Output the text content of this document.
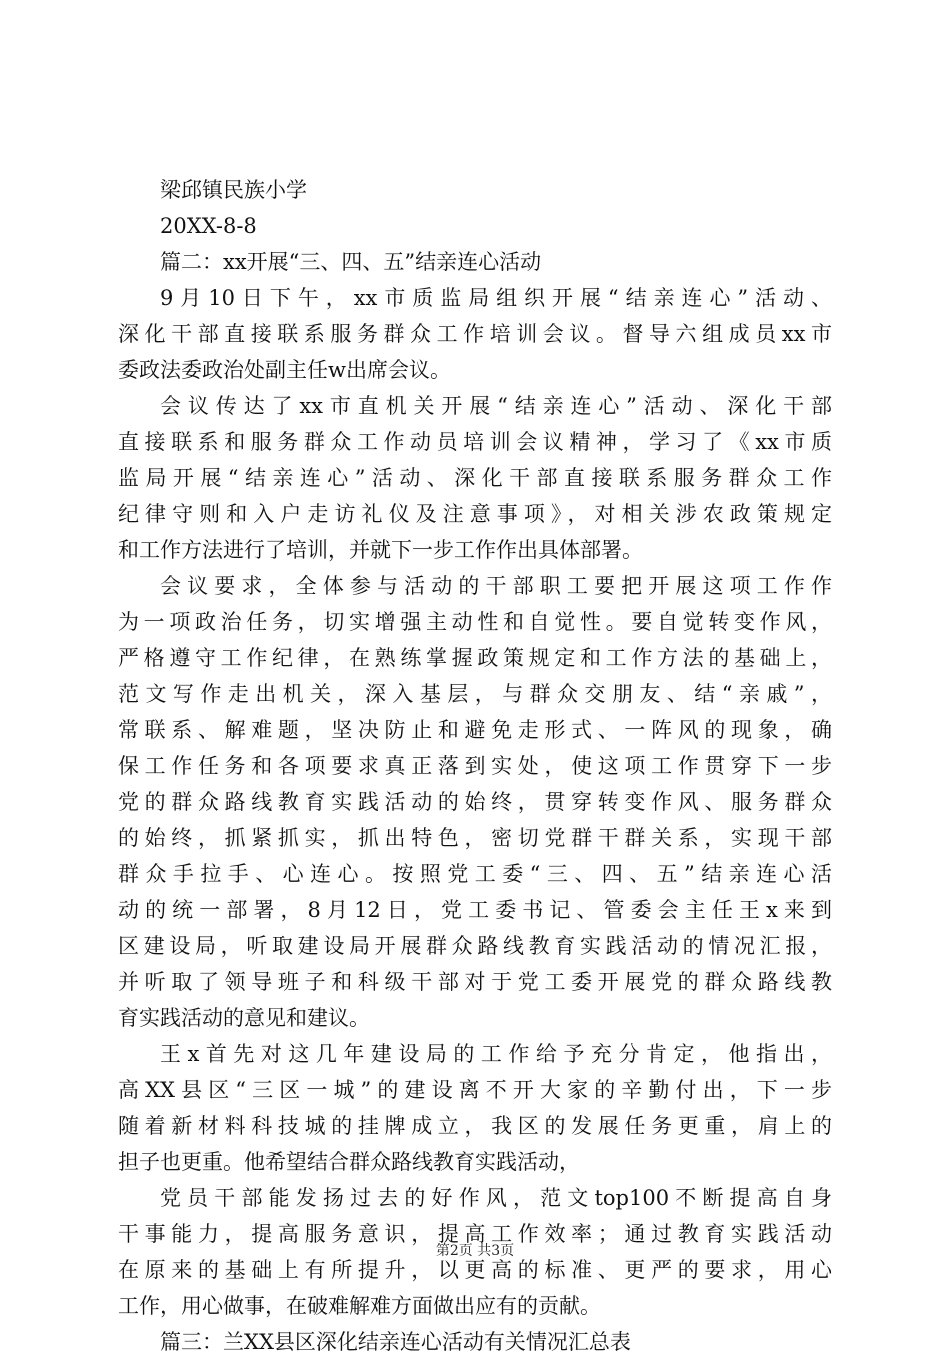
梁邱镇民族小学
20XX-8-8
篇二：xx开展“三、四、五”结亲连心活动
9月10日下午，xx市质监局组织开展“结亲连心”活动、
深化干部直接联系服务群众工作培训会议。督导六组成员xx市
委政法委政治处副主任w出席会议。
会议传达了xx市直机关开展“结亲连心”活动、深化干部
直接联系和服务群众工作动员培训会议精神，学习了《xx市质
监局开展“结亲连心”活动、深化干部直接联系服务群众工作
纪律守则和入户走访礼仪及注意事项》，对相关涉农政策规定
和工作方法进行了培训，并就下一步工作作出具体部署。
会议要求，全体参与活动的干部职工要把开展这项工作作
为一项政治任务，切实增强主动性和自觉性。要自觉转变作风，
严格遵守工作纪律，在熟练掌握政策规定和工作方法的基础上，
范文写作走出机关，深入基层，与群众交朋友、结“亲戚”，
常联系、解难题，坚决防止和避免走形式、一阵风的现象，确
保工作任务和各项要求真正落到实处，使这项工作贯穿下一步
党的群众路线教育实践活动的始终，贯穿转变作风、服务群众
的始终，抓紧抓实，抓出特色，密切党群干群关系，实现干部
群众手拉手、心连心。按照党工委“三、四、五”结亲连心活
动的统一部署，8月12日，党工委书记、管委会主任王x来到
区建设局，听取建设局开展群众路线教育实践活动的情况汇报，
并听取了领导班子和科级干部对于党工委开展党的群众路线教
育实践活动的意见和建议。
王x首先对这几年建设局的工作给予充分肯定，他指出，
高XX县区“三区一城”的建设离不开大家的辛勤付出，下一步
随着新材料科技城的挂牌成立，我区的发展任务更重，肩上的
担子也更重。他希望结合群众路线教育实践活动，
党员干部能发扬过去的好作风，范文top100不断提高自身
干事能力，提高服务意识，提高工作效率；通过教育实践活动
在原来的基础上有所提升，以更高的标准、更严的要求，用心
工作，用心做事，在破难解难方面做出应有的贡献。
篇三：兰XX县区深化结亲连心活动有关情况汇总表
第2页 共3页
